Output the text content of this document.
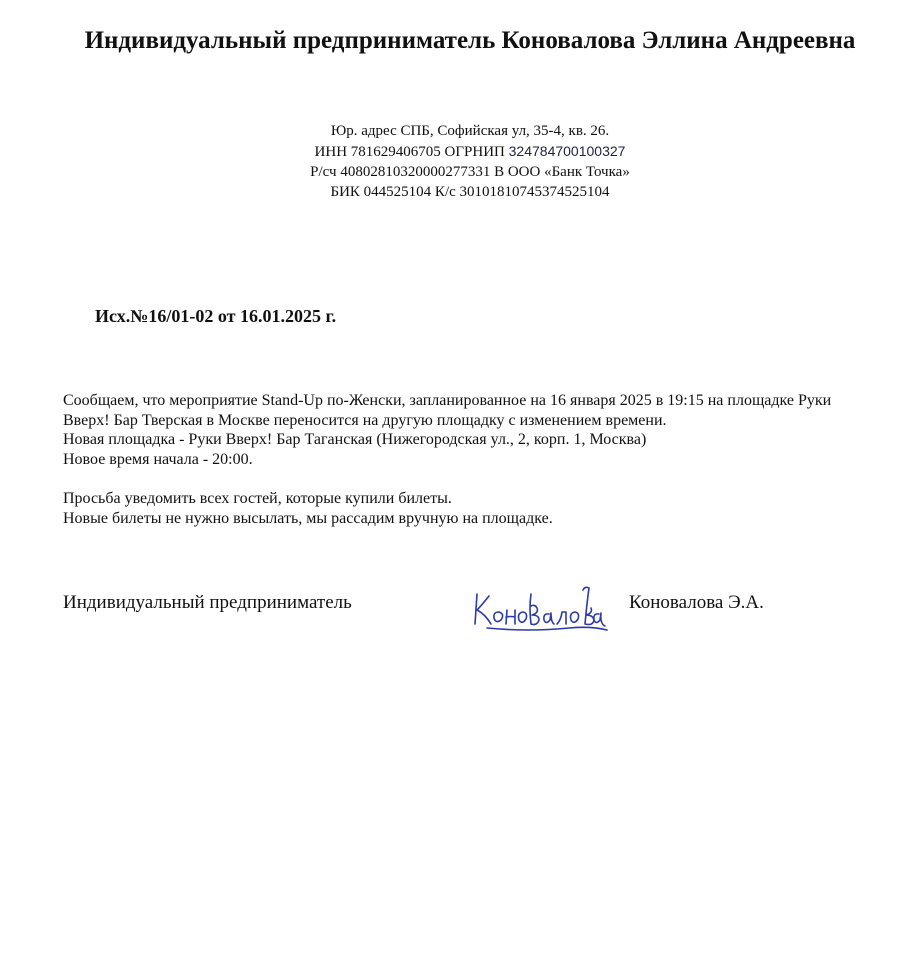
Индивидуальный предприниматель Коновалова Эллина Андреевна
Юр. адрес СПБ, Софийская ул, 35-4, кв. 26.
ИНН 781629406705 ОГРНИП 324784700100327
Р/сч 40802810320000277331 В ООО «Банк Точка»
БИК 044525104 К/с 30101810745374525104
Исх.№16/01-02 от 16.01.2025 г.

Сообщаем, что мероприятие Stand-Up по-Женски, запланированное на 16 января 2025 в 19:15 на площадке Руки Вверх! Бар Тверская в Москве переносится на другую площадку с изменением времени.

Новая площадка - Руки Вверх! Бар Таганская (Нижегородская ул., 2, корп. 1, Москва)

Новое время начала - 20:00.

Просьба уведомить всех гостей, которые купили билеты.

Новые билеты не нужно высылать, мы рассадим вручную на площадке.

Индивидуальный предприниматель	Коновалова Э.А.
